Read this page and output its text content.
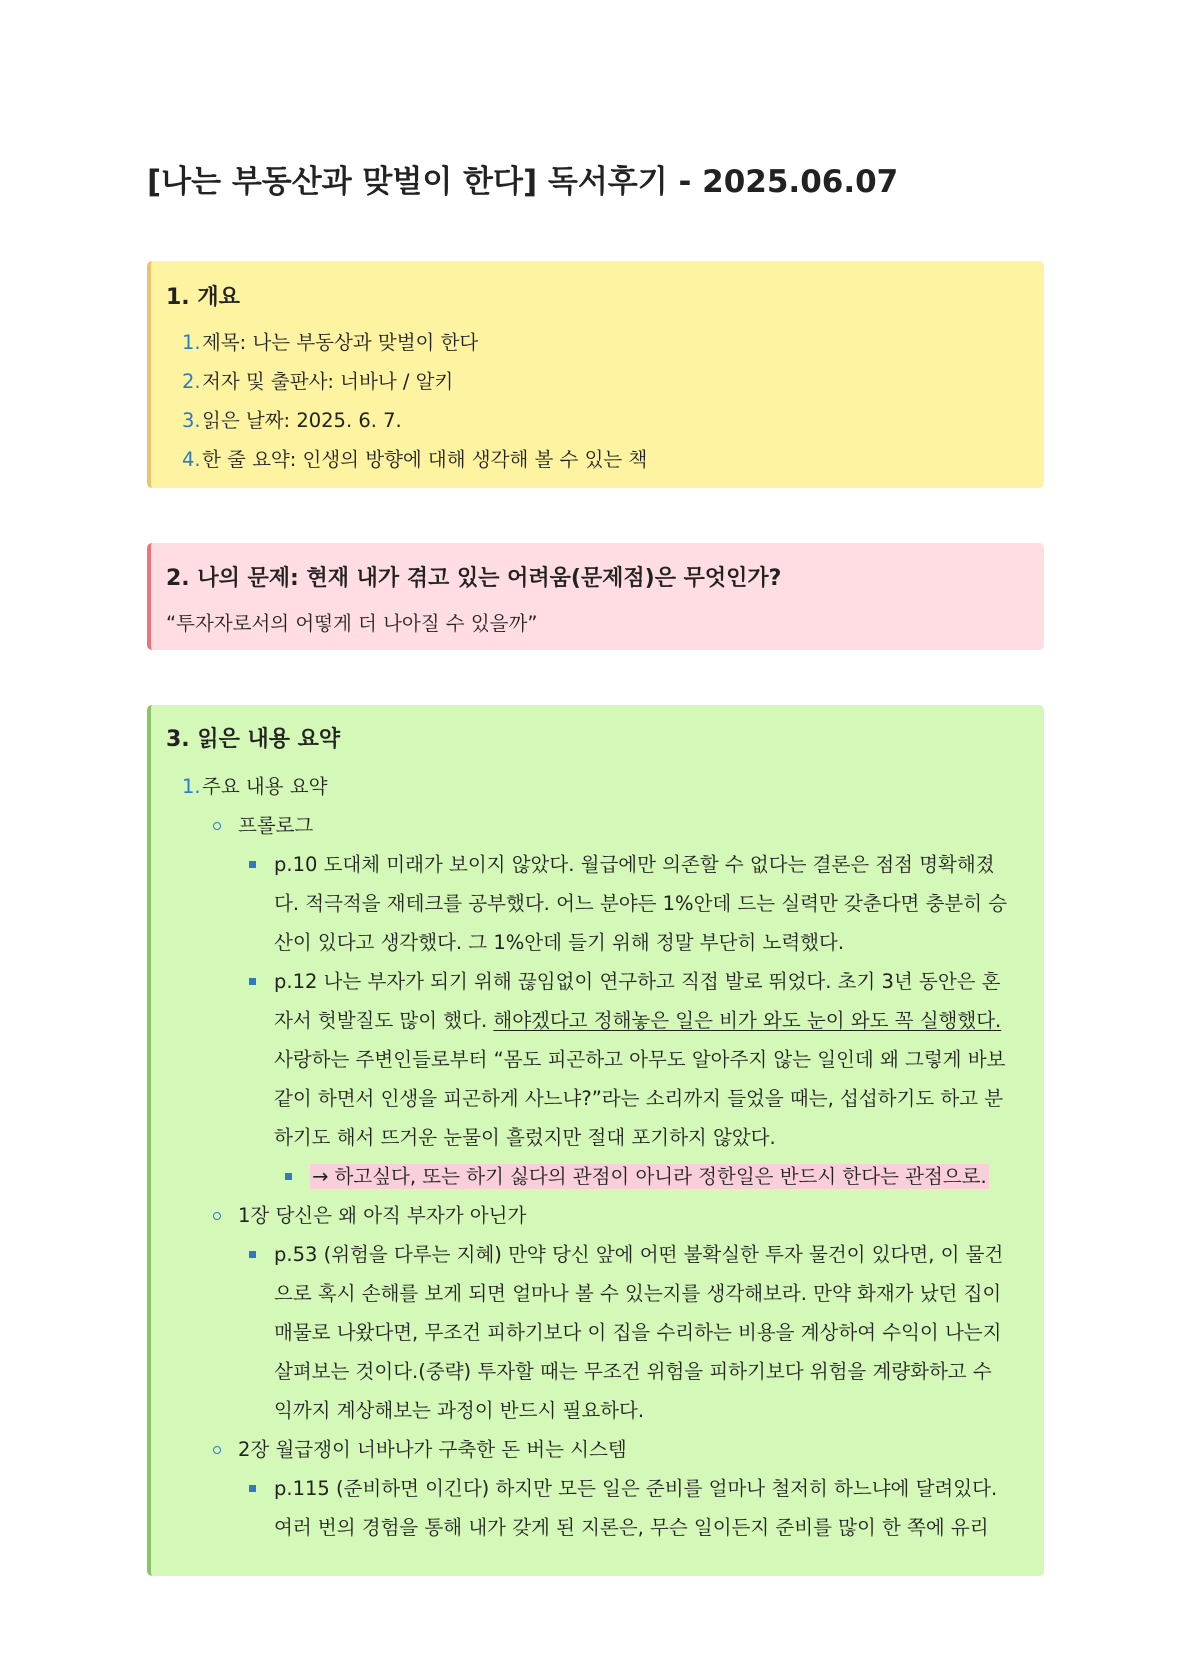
[나는 부동산과 맞벌이 한다] 독서후기 - 2025.06.07
1. 개요
1. 제목: 나는 부동상과 맞벌이 한다
2. 저자 및 출판사: 너바나 / 알키
3. 읽은 날짜: 2025. 6. 7.
4. 한 줄 요약: 인생의 방향에 대해 생각해 볼 수 있는 책
2. 나의 문제: 현재 내가 겪고 있는 어려움(문제점)은 무엇인가?
“투자자로서의 어떻게 더 나아질 수 있을까”
3. 읽은 내용 요약
1. 주요 내용 요약
프롤로그
p.10 도대체 미래가 보이지 않았다. 월급에만 의존할 수 없다는 결론은 점점 명확해졌다. 적극적을 재테크를 공부했다. 어느 분야든 1%안데 드는 실력만 갖춘다면 충분히 승산이 있다고 생각했다. 그 1%안데 들기 위해 정말 부단히 노력했다.
p.12 나는 부자가 되기 위해 끊임없이 연구하고 직접 발로 뛰었다. 초기 3년 동안은 혼자서 헛발질도 많이 했다. 해야겠다고 정해놓은 일은 비가 와도 눈이 와도 꼭 실행했다. 사랑하는 주변인들로부터 “몸도 피곤하고 아무도 알아주지 않는 일인데 왜 그렇게 바보같이 하면서 인생을 피곤하게 사느냐?”라는 소리까지 들었을 때는, 섭섭하기도 하고 분하기도 해서 뜨거운 눈물이 흘렀지만 절대 포기하지 않았다.
→ 하고싶다, 또는 하기 싫다의 관점이 아니라 정한일은 반드시 한다는 관점으로.
1장 당신은 왜 아직 부자가 아닌가
p.53 (위험을 다루는 지혜) 만약 당신 앞에 어떤 불확실한 투자 물건이 있다면, 이 물건으로 혹시 손해를 보게 되면 얼마나 볼 수 있는지를 생각해보라. 만약 화재가 났던 집이 매물로 나왔다면, 무조건 피하기보다 이 집을 수리하는 비용을 계상하여 수익이 나는지 살펴보는 것이다.(중략) 투자할 때는 무조건 위험을 피하기보다 위험을 계량화하고 수익까지 계상해보는 과정이 반드시 필요하다.
2장 월급쟁이 너바나가 구축한 돈 버는 시스템
p.115 (준비하면 이긴다) 하지만 모든 일은 준비를 얼마나 철저히 하느냐에 달려있다. 여러 번의 경험을 통해 내가 갖게 된 지론은, 무슨 일이든지 준비를 많이 한 쪽에 유리
